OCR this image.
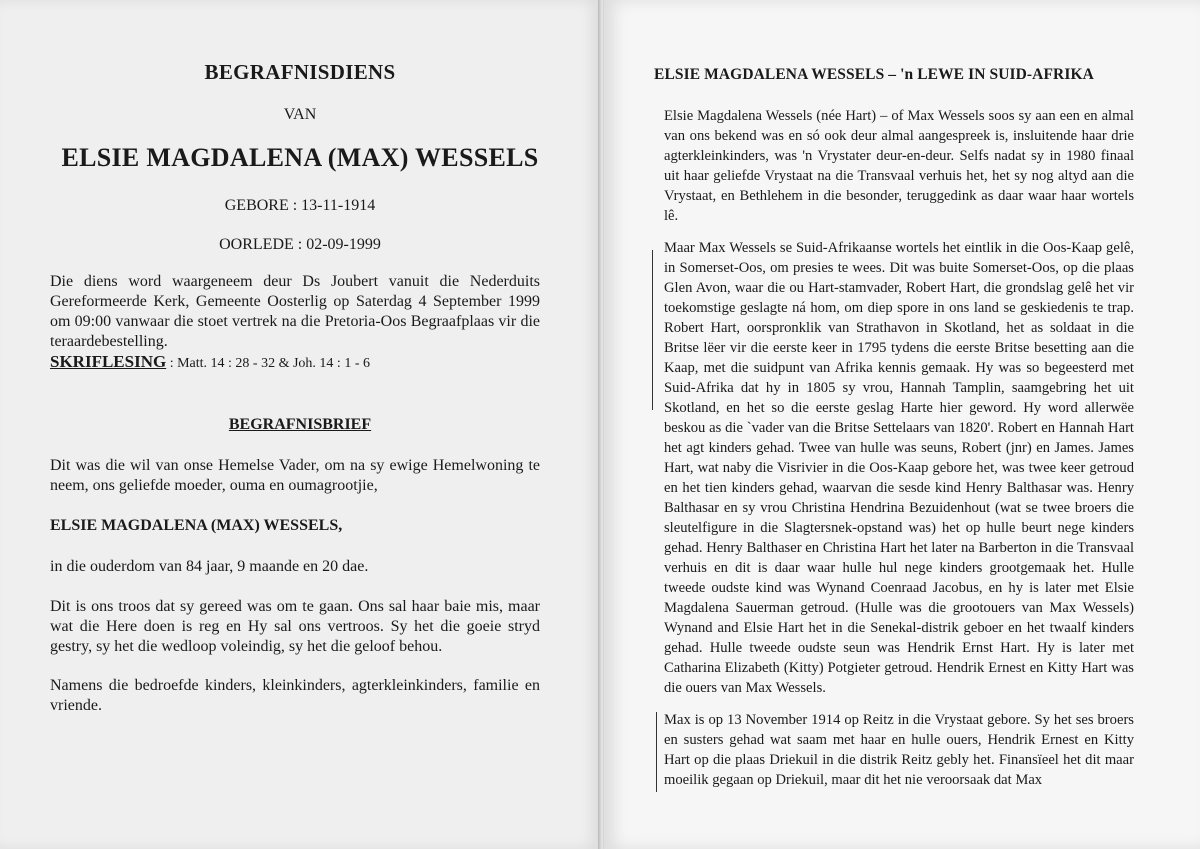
BEGRAFNISDIENS
VAN
ELSIE MAGDALENA (MAX) WESSELS
GEBORE : 13-11-1914
OORLEDE : 02-09-1999

Die diens word waargeneem deur Ds Joubert vanuit die Nederduits Gereformeerde Kerk, Gemeente Oosterlig op Saterdag 4 September 1999 om 09:00 vanwaar die stoet vertrek na die Pretoria-Oos Begraafplaas vir die teraardebestelling.

SKRIFLESING : Matt. 14 : 28 - 32 & Joh. 14 : 1 - 6
BEGRAFNISBRIEF

Dit was die wil van onse Hemelse Vader, om na sy ewige Hemelwoning te neem, ons geliefde moeder, ouma en oumagrootjie,

ELSIE MAGDALENA (MAX) WESSELS,

in die ouderdom van 84 jaar, 9 maande en 20 dae.

Dit is ons troos dat sy gereed was om te gaan. Ons sal haar baie mis, maar wat die Here doen is reg en Hy sal ons vertroos. Sy het die goeie stryd gestry, sy het die wedloop voleindig, sy het die geloof behou.

Namens die bedroefde kinders, kleinkinders, agterkleinkinders, familie en vriende.

ELSIE MAGDALENA WESSELS – 'n LEWE IN SUID-AFRIKA

Elsie Magdalena Wessels (née Hart) – of Max Wessels soos sy aan een en almal van ons bekend was en só ook deur almal aangespreek is, insluitende haar drie agterkleinkinders, was 'n Vrystater deur-en-deur. Selfs nadat sy in 1980 finaal uit haar geliefde Vrystaat na die Transvaal verhuis het, het sy nog altyd aan die Vrystaat, en Bethlehem in die besonder, teruggedink as daar waar haar wortels lê.

Maar Max Wessels se Suid-Afrikaanse wortels het eintlik in die Oos-Kaap gelê, in Somerset-Oos, om presies te wees. Dit was buite Somerset-Oos, op die plaas Glen Avon, waar die ou Hart-stamvader, Robert Hart, die grondslag gelê het vir toekomstige geslagte ná hom, om diep spore in ons land se geskiedenis te trap. Robert Hart, oorspronklik van Strathavon in Skotland, het as soldaat in die Britse lëer vir die eerste keer in 1795 tydens die eerste Britse besetting aan die Kaap, met die suidpunt van Afrika kennis gemaak. Hy was so begeesterd met Suid-Afrika dat hy in 1805 sy vrou, Hannah Tamplin, saamgebring het uit Skotland, en het so die eerste geslag Harte hier geword. Hy word allerwëe beskou as die `vader van die Britse Settelaars van 1820'. Robert en Hannah Hart het agt kinders gehad. Twee van hulle was seuns, Robert (jnr) en James. James Hart, wat naby die Visrivier in die Oos-Kaap gebore het, was twee keer getroud en het tien kinders gehad, waarvan die sesde kind Henry Balthasar was. Henry Balthasar en sy vrou Christina Hendrina Bezuidenhout (wat se twee broers die sleutelfigure in die Slagtersnek-opstand was) het op hulle beurt nege kinders gehad. Henry Balthaser en Christina Hart het later na Barberton in die Transvaal verhuis en dit is daar waar hulle hul nege kinders grootgemaak het. Hulle tweede oudste kind was Wynand Coenraad Jacobus, en hy is later met Elsie Magdalena Sauerman getroud. (Hulle was die grootouers van Max Wessels) Wynand and Elsie Hart het in die Senekal-distrik geboer en het twaalf kinders gehad. Hulle tweede oudste seun was Hendrik Ernst Hart. Hy is later met Catharina Elizabeth (Kitty) Potgieter getroud. Hendrik Ernest en Kitty Hart was die ouers van Max Wessels.

Max is op 13 November 1914 op Reitz in die Vrystaat gebore. Sy het ses broers en susters gehad wat saam met haar en hulle ouers, Hendrik Ernest en Kitty Hart op die plaas Driekuil in die distrik Reitz gebly het. Finansïeel het dit maar moeilik gegaan op Driekuil, maar dit het nie veroorsaak dat Max
